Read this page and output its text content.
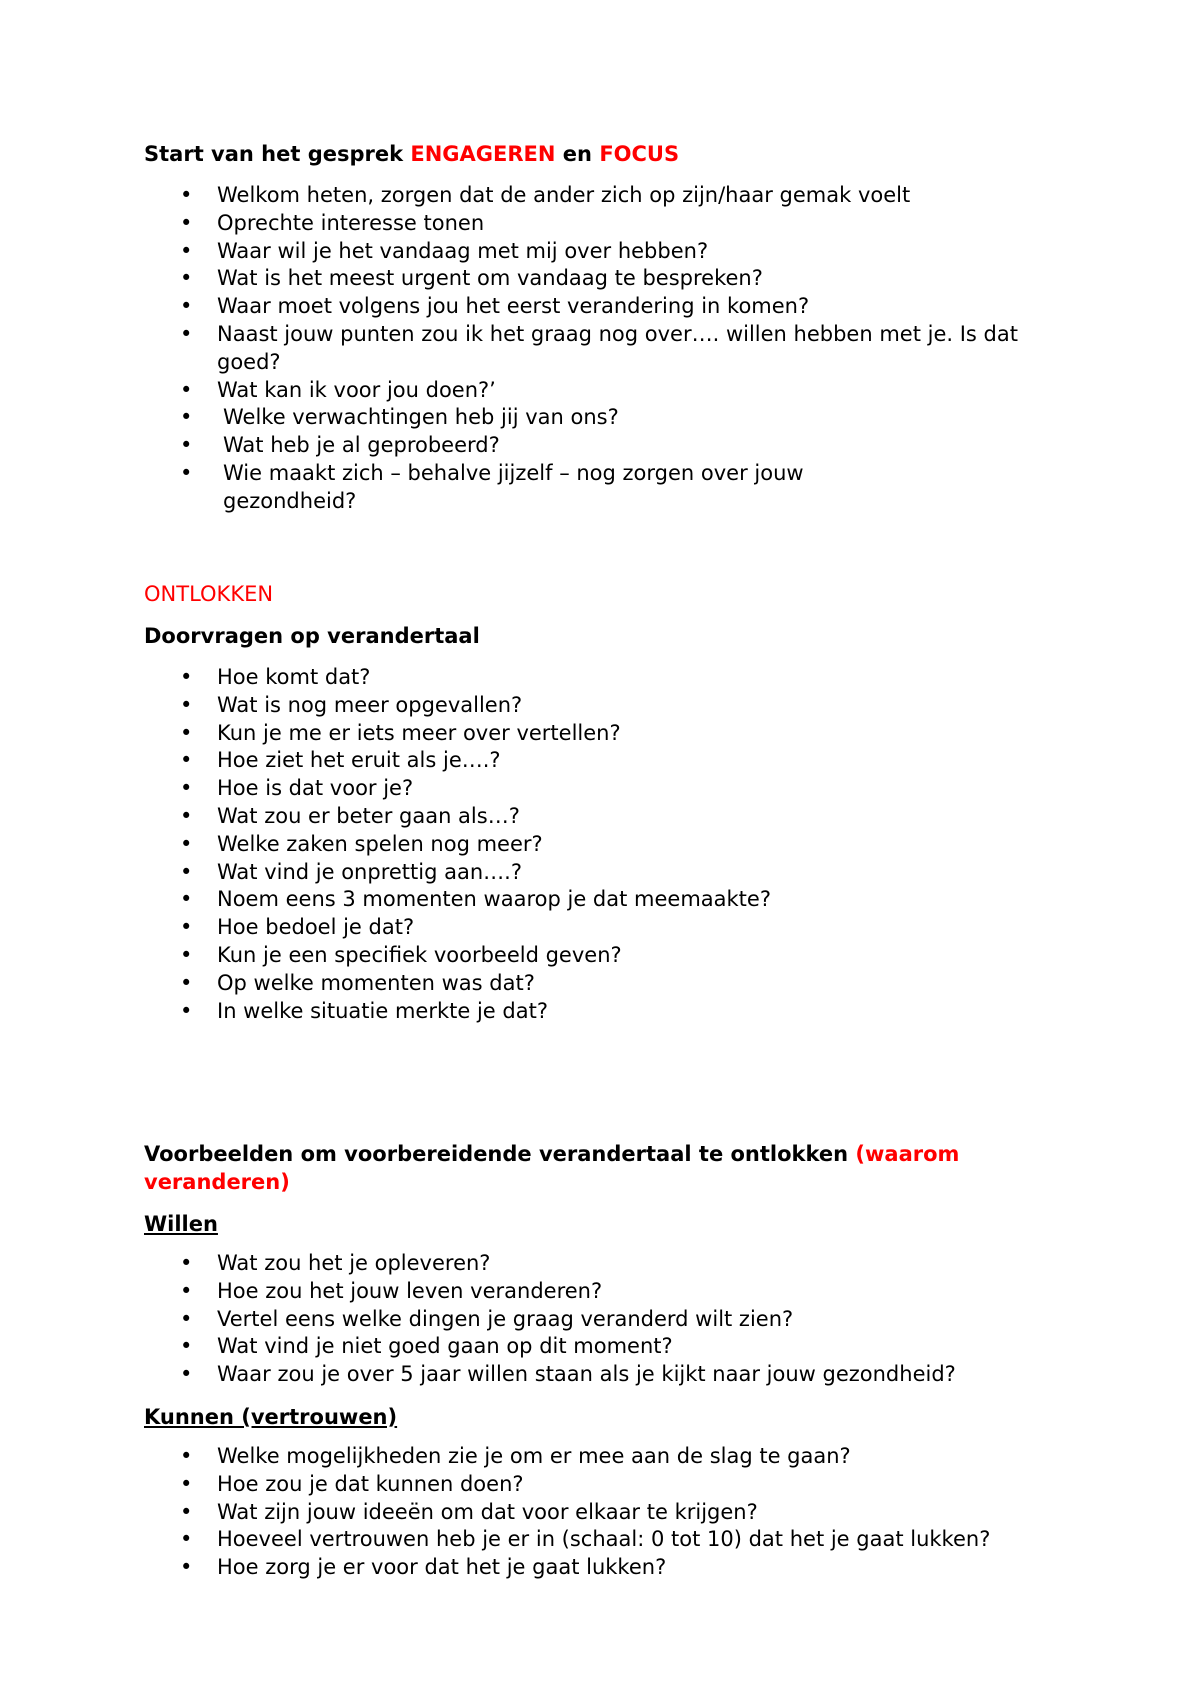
Start van het gesprek ENGAGEREN en FOCUS

• Welkom heten, zorgen dat de ander zich op zijn/haar gemak voelt
• Oprechte interesse tonen
• Waar wil je het vandaag met mij over hebben?
• Wat is het meest urgent om vandaag te bespreken?
• Waar moet volgens jou het eerst verandering in komen?
• Naast jouw punten zou ik het graag nog over…. willen hebben met je. Is dat goed?
• Wat kan ik voor jou doen?’
• Welke verwachtingen heb jij van ons?
• Wat heb je al geprobeerd?
• Wie maakt zich – behalve jijzelf – nog zorgen over jouw gezondheid?

ONTLOKKEN

Doorvragen op verandertaal

• Hoe komt dat?
• Wat is nog meer opgevallen?
• Kun je me er iets meer over vertellen?
• Hoe ziet het eruit als je….?
• Hoe is dat voor je?
• Wat zou er beter gaan als…?
• Welke zaken spelen nog meer?
• Wat vind je onprettig aan….?
• Noem eens 3 momenten waarop je dat meemaakte?
• Hoe bedoel je dat?
• Kun je een specifiek voorbeeld geven?
• Op welke momenten was dat?
• In welke situatie merkte je dat?

Voorbeelden om voorbereidende verandertaal te ontlokken (waarom veranderen)

Willen

• Wat zou het je opleveren?
• Hoe zou het jouw leven veranderen?
• Vertel eens welke dingen je graag veranderd wilt zien?
• Wat vind je niet goed gaan op dit moment?
• Waar zou je over 5 jaar willen staan als je kijkt naar jouw gezondheid?

Kunnen (vertrouwen)

• Welke mogelijkheden zie je om er mee aan de slag te gaan?
• Hoe zou je dat kunnen doen?
• Wat zijn jouw ideeën om dat voor elkaar te krijgen?
• Hoeveel vertrouwen heb je er in (schaal: 0 tot 10) dat het je gaat lukken?
• Hoe zorg je er voor dat het je gaat lukken?
